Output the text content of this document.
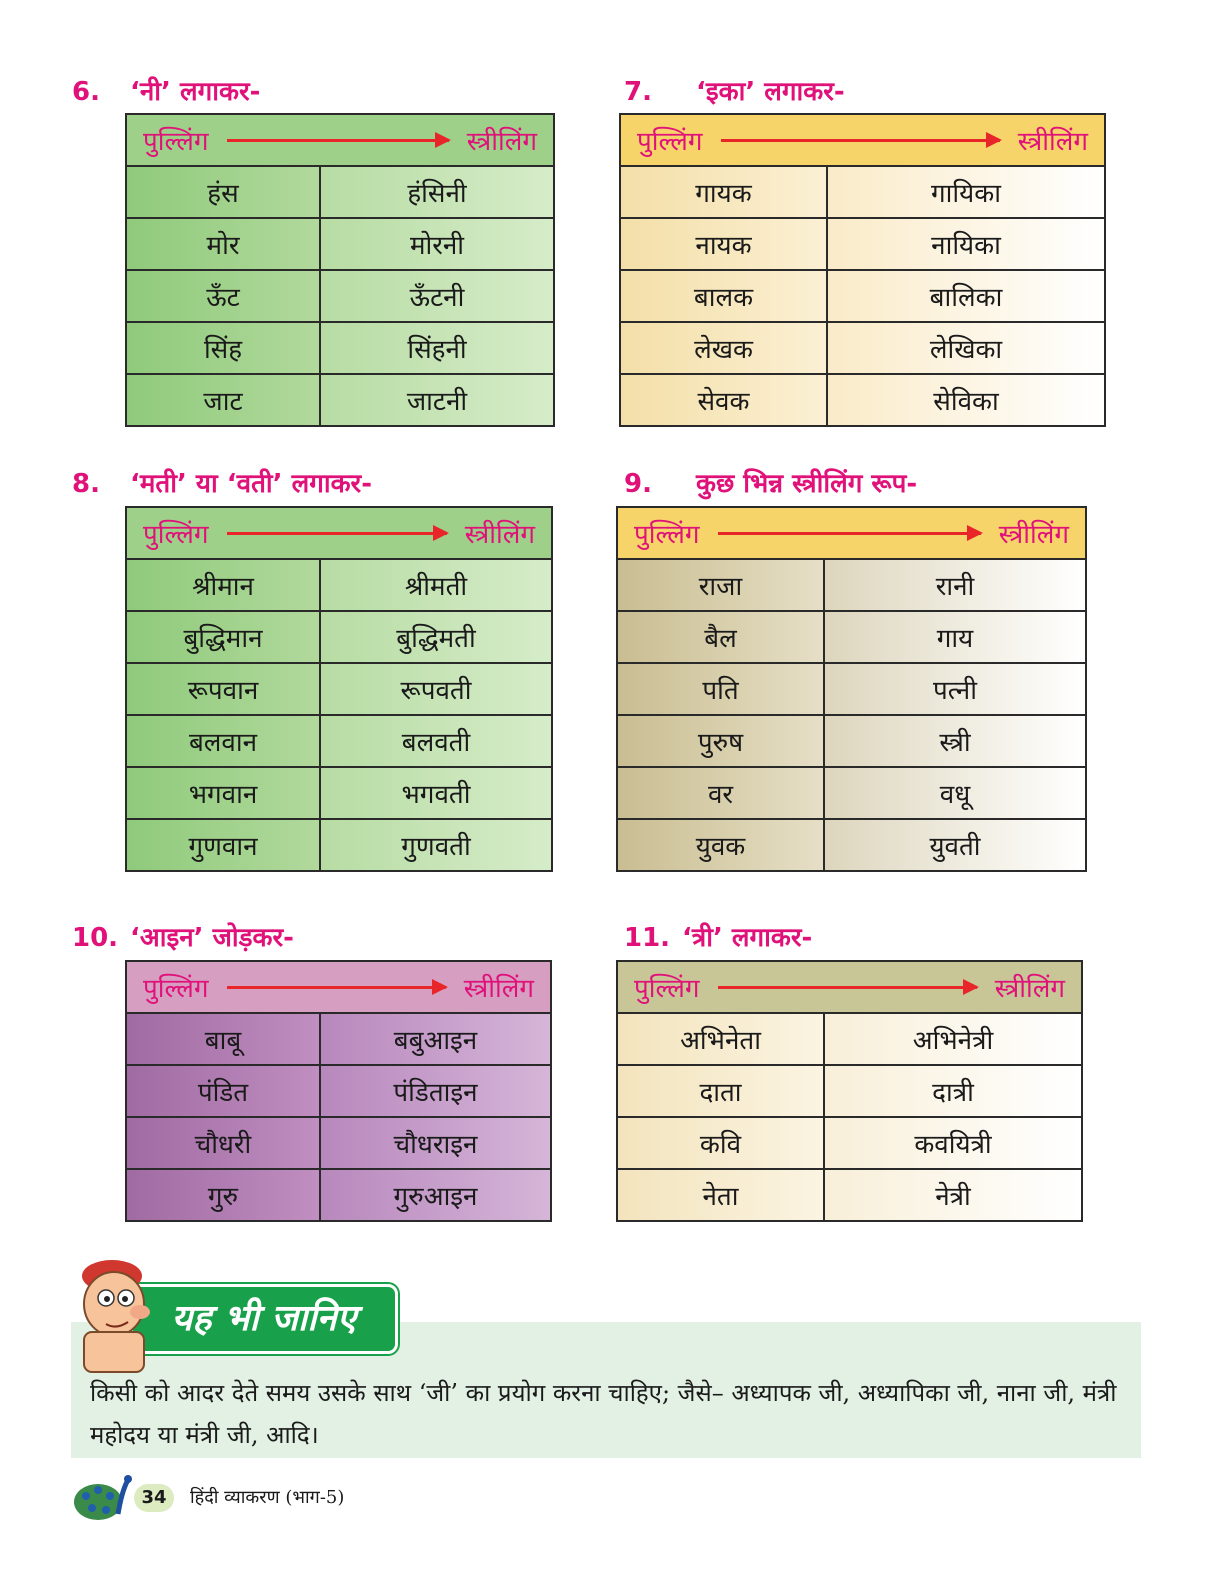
6. ‘नी’ लगाकर-	7. ‘इका’ लगाकर-
8. ‘मती’ या ‘वती’ लगाकर-	9. कुछ भिन्न स्त्रीलिंग रूप-
10. ‘आइन’ जोड़कर-	11. ‘त्री’ लगाकर-
पुल्लिंग स्त्रीलिंग	

हंस	हंसिनी
मोर	मोरनी
ऊँट	ऊँटनी
सिंह	सिंहनी
जाट	जाटनी
पुल्लिंग स्त्रीलिंग	

गायक	गायिका
नायक	नायिका
बालक	बालिका
लेखक	लेखिका
सेवक	सेविका
पुल्लिंग स्त्रीलिंग	

श्रीमान	श्रीमती
बुद्धिमान	बुद्धिमती
रूपवान	रूपवती
बलवान	बलवती
भगवान	भगवती
गुणवान	गुणवती
पुल्लिंग स्त्रीलिंग	

राजा	रानी
बैल	गाय
पति	पत्नी
पुरुष	स्त्री
वर	वधू
युवक	युवती
पुल्लिंग स्त्रीलिंग	

बाबू	बबुआइन
पंडित	पंडिताइन
चौधरी	चौधराइन
गुरु	गुरुआइन
पुल्लिंग स्त्रीलिंग	

अभिनेता	अभिनेत्री
दाता	दात्री
कवि	कवयित्री
नेता	नेत्री
यह भी जानिए
किसी को आदर देते समय उसके साथ ‘जी’ का प्रयोग करना चाहिए; जैसे– अध्यापक जी, अध्यापिका जी, नाना जी, मंत्री महोदय या मंत्री जी, आदि।
34	हिंदी व्याकरण (भाग-5)
